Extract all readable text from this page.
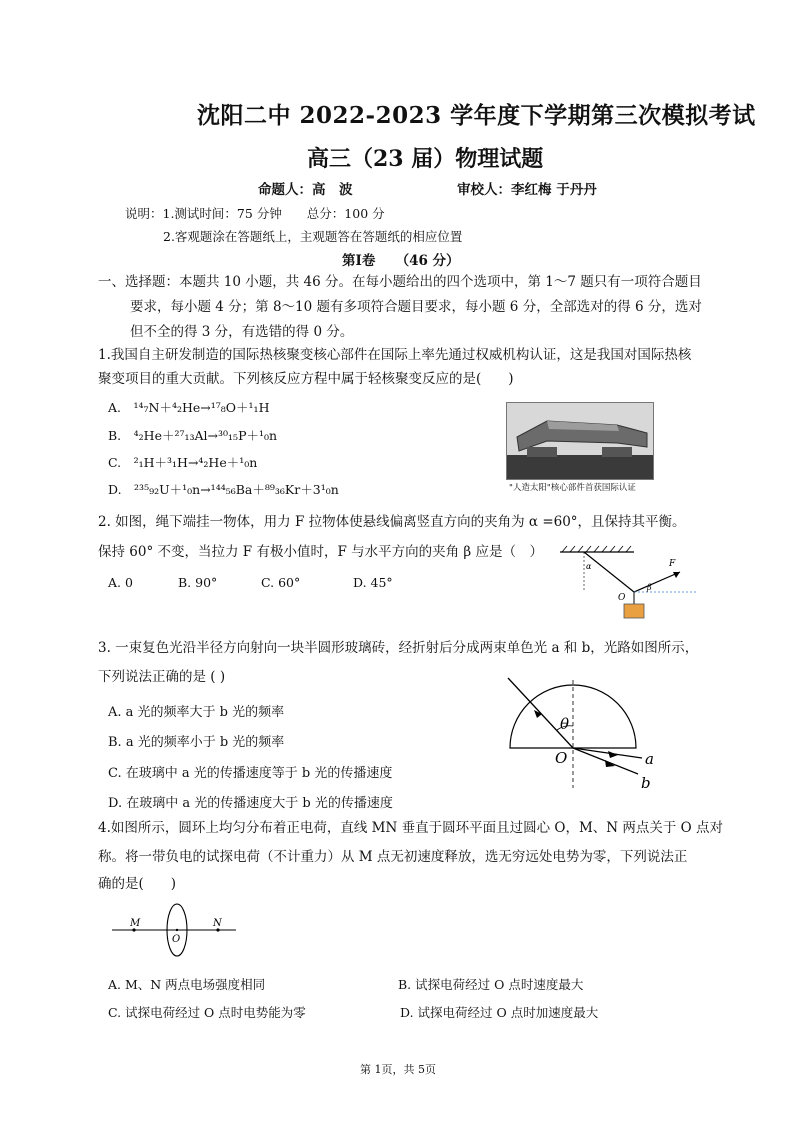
沈阳二中 2022-2023 学年度下学期第三次模拟考试
高三（23 届）物理试题
命题人：高　波	审校人：李红梅 于丹丹
说明：1.测试时间：75 分钟　　总分：100 分
2.客观题涂在答题纸上，主观题答在答题纸的相应位置
第Ⅰ卷　　（46 分）
一、选择题：本题共 10 小题，共 46 分。在每小题给出的四个选项中，第 1～7 题只有一项符合题目
要求，每小题 4 分；第 8～10 题有多项符合题目要求，每小题 6 分，全部选对的得 6 分，选对
但不全的得 3 分，有选错的得 0 分。
1.我国自主研发制造的国际热核聚变核心部件在国际上率先通过权威机构认证，这是我国对国际热核
聚变项目的重大贡献。下列核反应方程中属于轻核聚变反应的是(　　)
A.　¹⁴₇N＋⁴₂He→¹⁷₈O＋¹₁H
B.　⁴₂He＋²⁷₁₃Al→³⁰₁₅P＋¹₀n
C.　²₁H＋³₁H→⁴₂He＋¹₀n
D.　²³⁵₉₂U＋¹₀n→¹⁴⁴₅₆Ba＋⁸⁹₃₆Kr＋3¹₀n	"人造太阳"核心部件首获国际认证
2. 如图，绳下端挂一物体，用力 F 拉物体使悬线偏离竖直方向的夹角为 α =60°，且保持其平衡。
保持 60° 不变，当拉力 F 有极小值时，F 与水平方向的夹角 β 应是（　）
A. 0	B. 90°	C. 60°	D. 45°
α
β
F
O
3. 一束复色光沿半径方向射向一块半圆形玻璃砖，经折射后分成两束单色光 a 和 b，光路如图所示，
下列说法正确的是 ( )
A. a 光的频率大于 b 光的频率
B. a 光的频率小于 b 光的频率
C. 在玻璃中 a 光的传播速度等于 b 光的传播速度
D. 在玻璃中 a 光的传播速度大于 b 光的传播速度
θ
O	a
b
4.如图所示，圆环上均匀分布着正电荷，直线 MN 垂直于圆环平面且过圆心 O，M、N 两点关于 O 点对
称。将一带负电的试探电荷（不计重力）从 M 点无初速度释放，选无穷远处电势为零，下列说法正
确的是(　　)
M	N
O
A. M、N 两点电场强度相同	B. 试探电荷经过 O 点时速度最大
C. 试探电荷经过 O 点时电势能为零	D. 试探电荷经过 O 点时加速度最大
第 1页，共 5页
